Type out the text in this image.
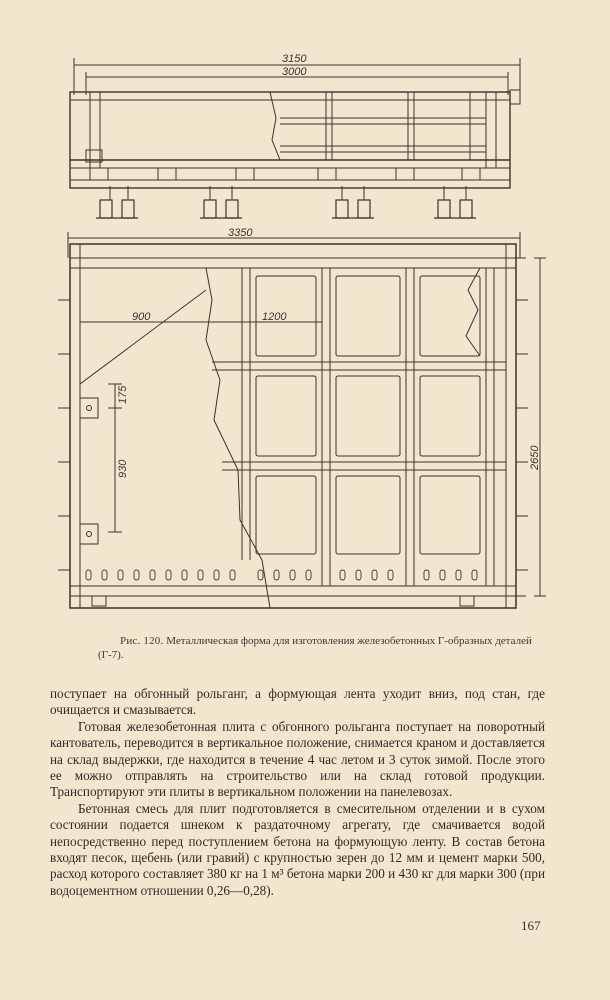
3150
3000
3350
900	1200
175
930	2650
Рис. 120. Металлическая форма для изготовления железобетонных Г-образных деталей (Г-7).

поступает на обгонный рольганг, а формующая лента уходит вниз, под стан, где очищается и смазывается.

Готовая железобетонная плита с обгонного рольганга поступает на поворотный кантователь, переводится в вертикальное положение, снимается краном и доставляется на склад выдержки, где находится в течение 4 час летом и 3 суток зимой. После этого ее можно отправлять на строительство или на склад готовой продукции. Транспортируют эти плиты в вертикальном положении на панелевозах.

Бетонная смесь для плит подготовляется в смесительном отделении и в сухом состоянии подается шнеком к раздаточному агрегату, где смачивается водой непосредственно перед поступлением бетона на формующую ленту. В состав бетона входят песок, щебень (или гравий) с крупностью зерен до 12 мм и цемент марки 500, расход которого составляет 380 кг на 1 м³ бетона марки 200 и 430 кг для марки 300 (при водоцементном отношении 0,26—0,28).

167
